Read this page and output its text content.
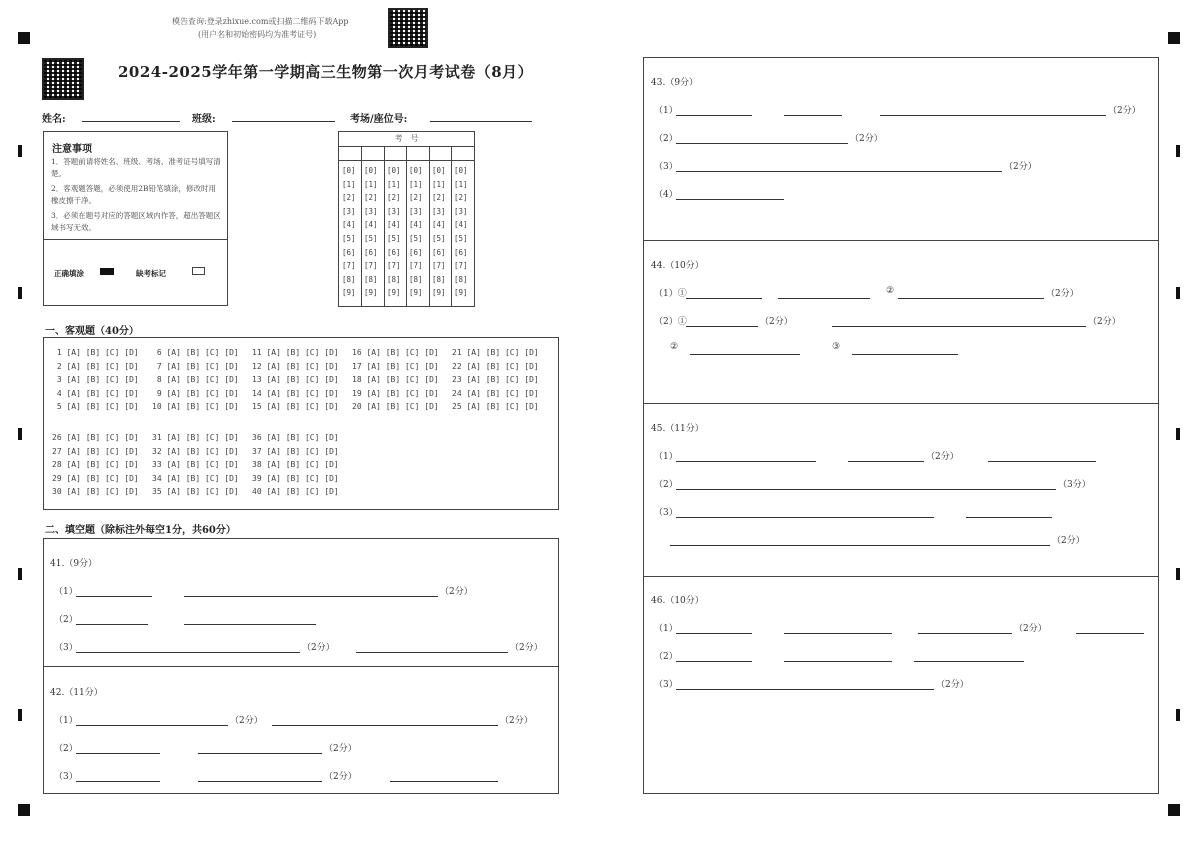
模告查询:登录zhixue.com或扫描二维码下载App
(用户名和初始密码均为准考证号)
2024-2025学年第一学期高三生物第一次月考试卷（8月）
姓名:	班级:	考场/座位号:
注意事项
1．答题前请将姓名、班级、考场、准考证号填写清楚。
2．客观题答题，必须使用2B铅笔填涂，修改时用橡皮擦干净。
3．必须在题号对应的答题区域内作答，超出答题区域书写无效。
正确填涂	缺考标记
考　号
[0] [0] [0] [0] [0] [0]
[1] [1] [1] [1] [1] [1]
[2] [2] [2] [2] [2] [2]
[3] [3] [3] [3] [3] [3]
[4] [4] [4] [4] [4] [4]
[5] [5] [5] [5] [5] [5]
[6] [6] [6] [6] [6] [6]
[7] [7] [7] [7] [7] [7]
[8] [8] [8] [8] [8] [8]
[9] [9] [9] [9] [9] [9]
一、客观题（40分）
1 [A] [B] [C] [D]
2 [A] [B] [C] [D]
3 [A] [B] [C] [D]
4 [A] [B] [C] [D]
5 [A] [B] [C] [D]
6 [A] [B] [C] [D]
7 [A] [B] [C] [D]
8 [A] [B] [C] [D]
9 [A] [B] [C] [D]
10 [A] [B] [C] [D]
11 [A] [B] [C] [D]
12 [A] [B] [C] [D]
13 [A] [B] [C] [D]
14 [A] [B] [C] [D]
15 [A] [B] [C] [D]
16 [A] [B] [C] [D]
17 [A] [B] [C] [D]
18 [A] [B] [C] [D]
19 [A] [B] [C] [D]
20 [A] [B] [C] [D]
21 [A] [B] [C] [D]
22 [A] [B] [C] [D]
23 [A] [B] [C] [D]
24 [A] [B] [C] [D]
25 [A] [B] [C] [D]
26 [A] [B] [C] [D]
27 [A] [B] [C] [D]
28 [A] [B] [C] [D]
29 [A] [B] [C] [D]
30 [A] [B] [C] [D]
31 [A] [B] [C] [D]
32 [A] [B] [C] [D]
33 [A] [B] [C] [D]
34 [A] [B] [C] [D]
35 [A] [B] [C] [D]
36 [A] [B] [C] [D]
37 [A] [B] [C] [D]
38 [A] [B] [C] [D]
39 [A] [B] [C] [D]
40 [A] [B] [C] [D]
二、填空题（除标注外每空1分，共60分）
41.（9分）
（1）	（2分）
（2）
（3）	（2分）	（2分）
42.（11分）
（1）	（2分）	（2分）
（2）	（2分）
（3）	（2分）
43.（9分）
（1）	（2分）
（2）	（2分）
（3）	（2分）
（4）
44.（10分）
（1）①	②	（2分）
（2）①	（2分）	（2分）
②	③
45.（11分）
（1）	（2分）
（2）	（3分）
（3）
（2分）
46.（10分）
（1）	（2分）
（2）
（3）	（2分）
